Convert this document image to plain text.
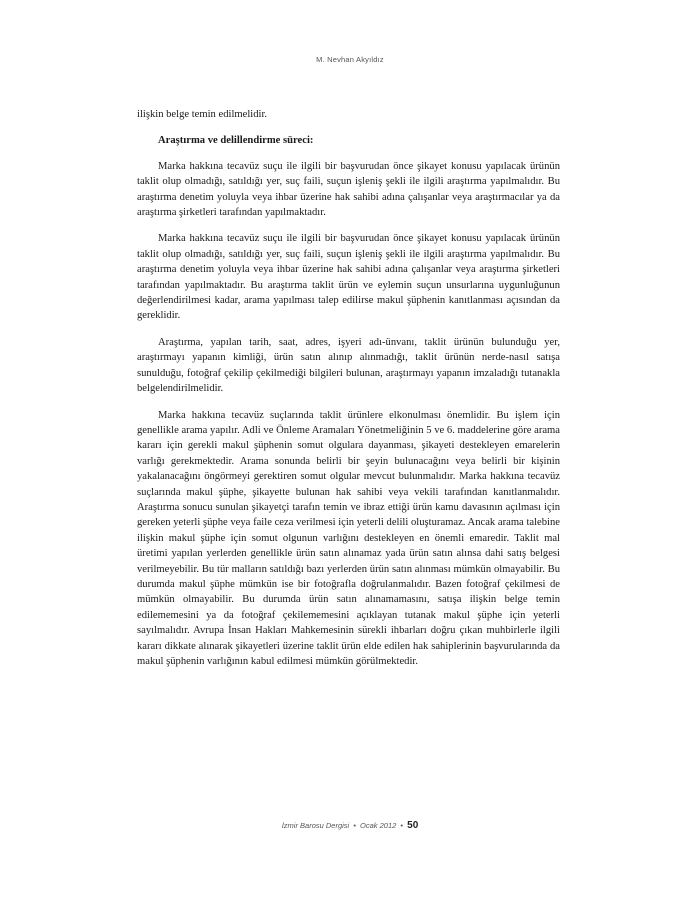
M. Nevhan Akyıldız

ilişkin belge temin edilmelidir.

Araştırma ve delillendirme süreci:

Marka hakkına tecavüz suçu ile ilgili bir başvurudan önce şikayet konusu yapılacak ürünün taklit olup olmadığı, satıldığı yer, suç faili, suçun işleniş şekli ile ilgili araştırma yapılmalıdır. Bu araştırma denetim yoluyla veya ihbar üzerine hak sahibi adına çalışanlar veya araştırmacılar ya da araştırma şirketleri tarafından yapılmaktadır.

Marka hakkına tecavüz suçu ile ilgili bir başvurudan önce şikayet konusu yapılacak ürünün taklit olup olmadığı, satıldığı yer, suç faili, suçun işleniş şekli ile ilgili araştırma yapılmalıdır. Bu araştırma denetim yoluyla veya ihbar üzerine hak sahibi adına çalışanlar veya araştırma şirketleri tarafından yapılmaktadır. Bu araştırma taklit ürün ve eylemin suçun unsurlarına uygunluğunun değerlendirilmesi kadar, arama yapılması talep edilirse makul şüphenin kanıtlanması açısından da gereklidir.

Araştırma, yapılan tarih, saat, adres, işyeri adı-ünvanı, taklit ürünün bulunduğu yer, araştırmayı yapanın kimliği, ürün satın alınıp alınmadığı, taklit ürünün nerde-nasıl satışa sunulduğu, fotoğraf çekilip çekilmediği bilgileri bulunan, araştırmayı yapanın imzaladığı tutanakla belgelendirilmelidir.

Marka hakkına tecavüz suçlarında taklit ürünlere elkonulması önemlidir. Bu işlem için genellikle arama yapılır. Adli ve Önleme Aramaları Yönetmeliğinin 5 ve 6. maddelerine göre arama kararı için gerekli makul şüphenin somut olgulara dayanması, şikayeti destekleyen emarelerin varlığı gerekmektedir. Arama sonunda belirli bir şeyin bulunacağını veya belirli bir kişinin yakalanacağını öngörmeyi gerektiren somut olgular mevcut bulunmalıdır. Marka hakkına tecavüz suçlarında makul şüphe, şikayette bulunan hak sahibi veya vekili tarafından kanıtlanmalıdır. Araştırma sonucu sunulan şikayetçi tarafın temin ve ibraz ettiği ürün kamu davasının açılması için gereken yeterli şüphe veya faile ceza verilmesi için yeterli delili oluşturamaz. Ancak arama talebine ilişkin makul şüphe için somut olgunun varlığını destekleyen en önemli emaredir. Taklit mal üretimi yapılan yerlerden genellikle ürün satın alınamaz yada ürün satın alınsa dahi satış belgesi verilmeyebilir. Bu tür malların satıldığı bazı yerlerden ürün satın alınması mümkün olmayabilir. Bu durumda makul şüphe mümkün ise bir fotoğrafla doğrulanmalıdır. Bazen fotoğraf çekilmesi de mümkün olmayabilir. Bu durumda ürün satın alınamamasını, satışa ilişkin belge temin edilememesini ya da fotoğraf çekilememesini açıklayan tutanak makul şüphe için yeterli sayılmalıdır. Avrupa İnsan Hakları Mahkemesinin sürekli ihbarları doğru çıkan muhbirlerle ilgili kararı dikkate alınarak şikayetleri üzerine taklit ürün elde edilen hak sahiplerinin başvurularında da makul şüphenin varlığının kabul edilmesi mümkün görülmektedir.

İzmir Barosu Dergisi • Ocak 2012 • 50
